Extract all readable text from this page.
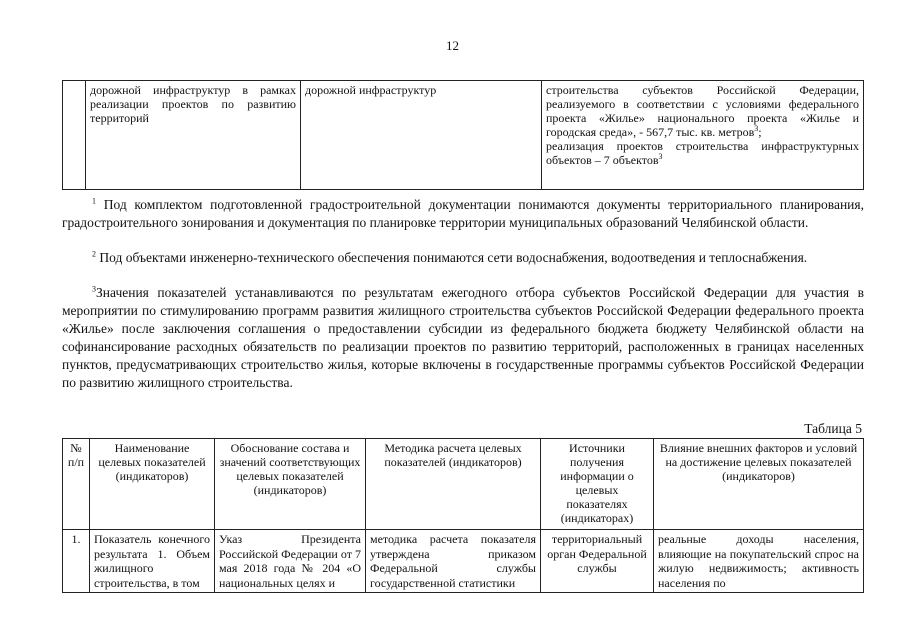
12
	дорожной инфраструктур в рамках реализации проектов по развитию территорий	дорожной инфраструктур	строительства субъектов Российской Федерации, реализуемого в соответствии с условиями федерального проекта «Жилье» национального проекта «Жилье и городская среда», - 567,7 тыс. кв. метров$^3$;
реализация проектов строительства инфраструктурных объектов – 7 объектов$^3$

$^1$ Под комплектом подготовленной градостроительной документации понимаются документы территориального планирования, градостроительного зонирования и документация по планировке территории муниципальных образований Челябинской области.

$^2$ Под объектами инженерно-технического обеспечения понимаются сети водоснабжения, водоотведения и теплоснабжения.

$^3$Значения показателей устанавливаются по результатам ежегодного отбора субъектов Российской Федерации для участия в мероприятии по стимулированию программ развития жилищного строительства субъектов Российской Федерации федерального проекта «Жилье» после заключения соглашения о предоставлении субсидии из федерального бюджета бюджету Челябинской области на софинансирование расходных обязательств по реализации проектов по развитию территорий, расположенных в границах населенных пунктов, предусматривающих строительство жилья, которые включены в государственные программы субъектов Российской Федерации по развитию жилищного строительства.

Таблица 5
№ п/п	Наименование целевых показателей (индикаторов)	Обоснование состава и значений соответствующих целевых показателей (индикаторов)	Методика расчета целевых показателей (индикаторов)	Источники получения информации о целевых показателях (индикаторах)	Влияние внешних факторов и условий на достижение целевых показателей (индикаторов)
1.	Показатель конечного результата 1. Объем жилищного строительства, в том	Указ Президента Российской Федерации от 7 мая 2018 года № 204 «О национальных целях и	методика расчета показателя утверждена приказом Федеральной службы государственной статистики	территориальный орган Федеральной службы	реальные доходы населения, влияющие на покупательский спрос на жилую недвижимость; активность населения по
